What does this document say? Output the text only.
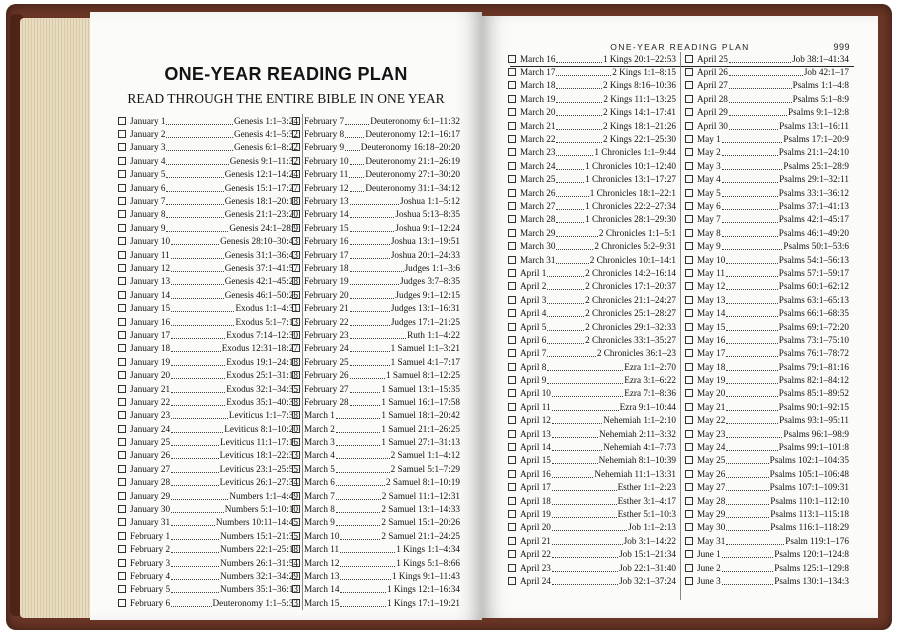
ONE-YEAR READING PLAN
READ THROUGH THE ENTIRE BIBLE IN ONE YEAR
January 1	Genesis 1:1–3:24
January 2	Genesis 4:1–5:32
January 3	Genesis 6:1–8:22
January 4	Genesis 9:1–11:32
January 5	Genesis 12:1–14:24
January 6	Genesis 15:1–17:27
January 7	Genesis 18:1–20:18
January 8	Genesis 21:1–23:20
January 9	Genesis 24:1–28:9
January 10	Genesis 28:10–30:43
January 11	Genesis 31:1–36:43
January 12	Genesis 37:1–41:57
January 13	Genesis 42:1–45:28
January 14	Genesis 46:1–50:26
January 15	Exodus 1:1–4:31
January 16	Exodus 5:1–7:13
January 17	Exodus 7:14–12:30
January 18	Exodus 12:31–18:27
January 19	Exodus 19:1–24:18
January 20	Exodus 25:1–31:18
January 21	Exodus 32:1–34:35
January 22	Exodus 35:1–40:38
January 23	Leviticus 1:1–7:38
January 24	Leviticus 8:1–10:20
January 25	Leviticus 11:1–17:16
January 26	Leviticus 18:1–22:33
January 27	Leviticus 23:1–25:55
January 28	Leviticus 26:1–27:34
January 29	Numbers 1:1–4:49
January 30	Numbers 5:1–10:10
January 31	Numbers 10:11–14:45
February 1	Numbers 15:1–21:35
February 2	Numbers 22:1–25:18
February 3	Numbers 26:1–31:54
February 4	Numbers 32:1–34:29
February 5	Numbers 35:1–36:13
February 6	Deuteronomy 1:1–5:33
February 7	Deuteronomy 6:1–11:32
February 8 Deuteronomy 12:1–16:17
February 9 Deuteronomy 16:18–20:20
February 10 Deuteronomy 21:1–26:19
February 11 Deuteronomy 27:1–30:20
February 12 Deuteronomy 31:1–34:12
February 13	Joshua 1:1–5:12
February 14	Joshua 5:13–8:35
February 15	Joshua 9:1–12:24
February 16	Joshua 13:1–19:51
February 17	Joshua 20:1–24:33
February 18	Judges 1:1–3:6
February 19	Judges 3:7–8:35
February 20	Judges 9:1–12:15
February 21	Judges 13:1–16:31
February 22	Judges 17:1–21:25
February 23	Ruth 1:1–4:22
February 24	1 Samuel 1:1–3:21
February 25	1 Samuel 4:1–7:17
February 26	1 Samuel 8:1–12:25
February 27	1 Samuel 13:1–15:35
February 28	1 Samuel 16:1–17:58
March 1	1 Samuel 18:1–20:42
March 2	1 Samuel 21:1–26:25
March 3	1 Samuel 27:1–31:13
March 4	2 Samuel 1:1–4:12
March 5	2 Samuel 5:1–7:29
March 6	2 Samuel 8:1–10:19
March 7	2 Samuel 11:1–12:31
March 8	2 Samuel 13:1–14:33
March 9	2 Samuel 15:1–20:26
March 10	2 Samuel 21:1–24:25
March 11	1 Kings 1:1–4:34
March 12	1 Kings 5:1–8:66
March 13	1 Kings 9:1–11:43
March 14	1 Kings 12:1–16:34
March 15	1 Kings 17:1–19:21
ONE-YEAR READING PLAN	999
March 16	1 Kings 20:1–22:53
March 17	2 Kings 1:1–8:15
March 18	2 Kings 8:16–10:36
March 19	2 Kings 11:1–13:25
March 20	2 Kings 14:1–17:41
March 21	2 Kings 18:1–21:26
March 22	2 Kings 22:1–25:30
March 23	1 Chronicles 1:1–9:44
March 24	1 Chronicles 10:1–12:40
March 25	1 Chronicles 13:1–17:27
March 26	1 Chronicles 18:1–22:1
March 27	1 Chronicles 22:2–27:34
March 28	1 Chronicles 28:1–29:30
March 29	2 Chronicles 1:1–5:1
March 30	2 Chronicles 5:2–9:31
March 31	2 Chronicles 10:1–14:1
April 1	2 Chronicles 14:2–16:14
April 2	2 Chronicles 17:1–20:37
April 3	2 Chronicles 21:1–24:27
April 4	2 Chronicles 25:1–28:27
April 5	2 Chronicles 29:1–32:33
April 6	2 Chronicles 33:1–35:27
April 7	2 Chronicles 36:1–23
April 8	Ezra 1:1–2:70
April 9	Ezra 3:1–6:22
April 10	Ezra 7:1–8:36
April 11	Ezra 9:1–10:44
April 12	Nehemiah 1:1–2:10
April 13	Nehemiah 2:11–3:32
April 14	Nehemiah 4:1–7:73
April 15	Nehemiah 8:1–10:39
April 16	Nehemiah 11:1–13:31
April 17	Esther 1:1–2:23
April 18	Esther 3:1–4:17
April 19	Esther 5:1–10:3
April 20	Job 1:1–2:13
April 21	Job 3:1–14:22
April 22	Job 15:1–21:34
April 23	Job 22:1–31:40
April 24	Job 32:1–37:24
April 25	Job 38:1–41:34
April 26	Job 42:1–17
April 27	Psalms 1:1–4:8
April 28	Psalms 5:1–8:9
April 29	Psalms 9:1–12:8
April 30	Psalms 13:1–16:11
May 1	Psalms 17:1–20:9
May 2	Psalms 21:1–24:10
May 3	Psalms 25:1–28:9
May 4	Psalms 29:1–32:11
May 5	Psalms 33:1–36:12
May 6	Psalms 37:1–41:13
May 7	Psalms 42:1–45:17
May 8	Psalms 46:1–49:20
May 9	Psalms 50:1–53:6
May 10	Psalms 54:1–56:13
May 11	Psalms 57:1–59:17
May 12	Psalms 60:1–62:12
May 13	Psalms 63:1–65:13
May 14	Psalms 66:1–68:35
May 15	Psalms 69:1–72:20
May 16	Psalms 73:1–75:10
May 17	Psalms 76:1–78:72
May 18	Psalms 79:1–81:16
May 19	Psalms 82:1–84:12
May 20	Psalms 85:1–89:52
May 21	Psalms 90:1–92:15
May 22	Psalms 93:1–95:11
May 23	Psalms 96:1–98:9
May 24	Psalms 99:1–101:8
May 25	Psalms 102:1–104:35
May 26	Psalms 105:1–106:48
May 27	Psalms 107:1–109:31
May 28	Psalms 110:1–112:10
May 29	Psalms 113:1–115:18
May 30	Psalms 116:1–118:29
May 31	Psalm 119:1–176
June 1	Psalms 120:1–124:8
June 2	Psalms 125:1–129:8
June 3	Psalms 130:1–134:3
